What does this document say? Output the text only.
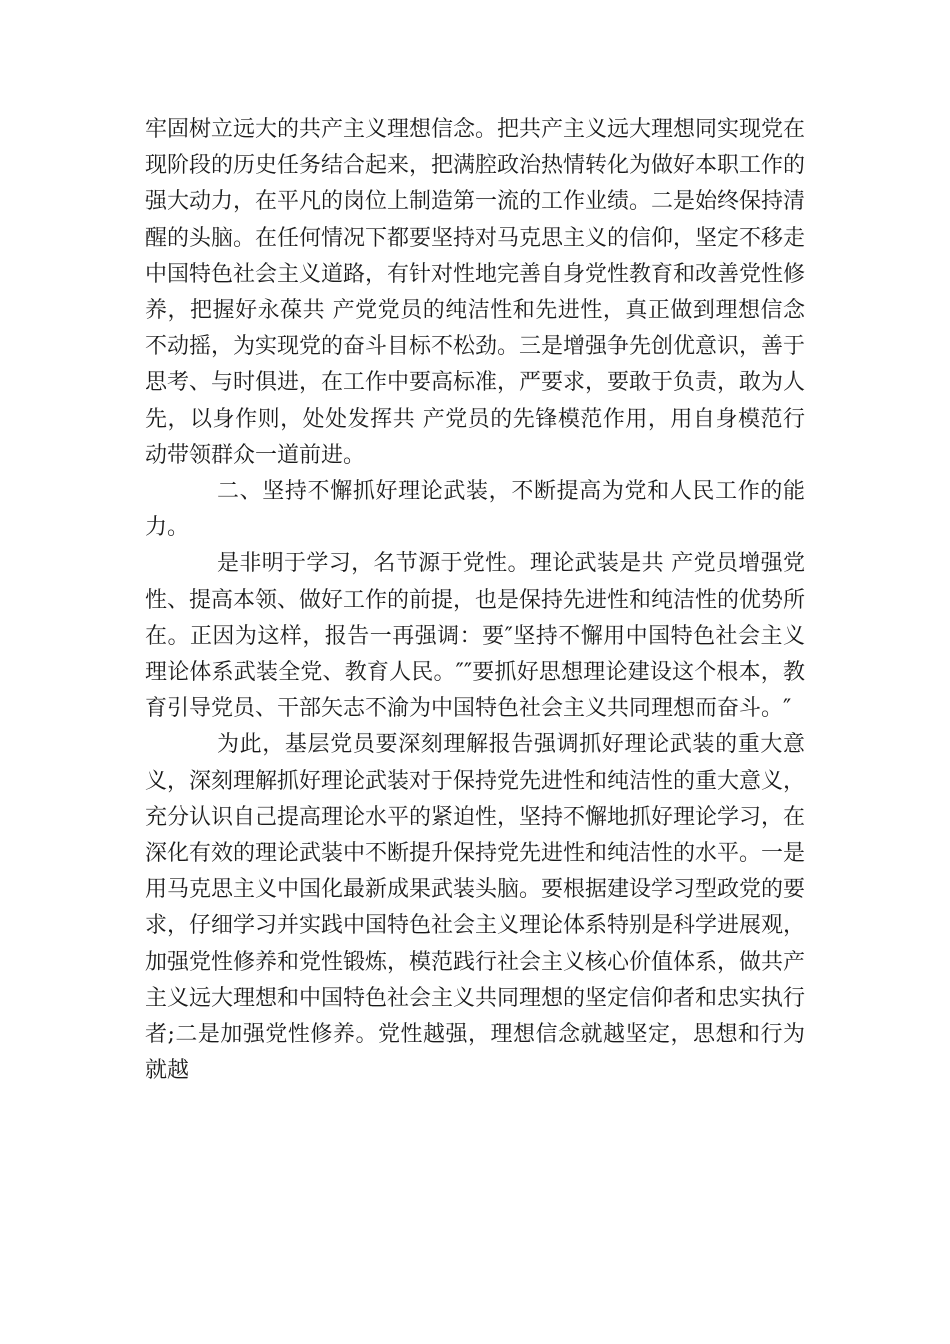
牢固树立远大的共产主义理想信念。把共产主义远大理想同实现党在现阶段的历史任务结合起来，把满腔政治热情转化为做好本职工作的强大动力，在平凡的岗位上制造第一流的工作业绩。二是始终保持清醒的头脑。在任何情况下都要坚持对马克思主义的信仰，坚定不移走中国特色社会主义道路，有针对性地完善自身党性教育和改善党性修养，把握好永葆共 产党党员的纯洁性和先进性，真正做到理想信念不动摇，为实现党的奋斗目标不松劲。三是增强争先创优意识，善于思考、与时俱进，在工作中要高标准，严要求，要敢于负责，敢为人先，以身作则，处处发挥共 产党员的先锋模范作用，用自身模范行动带领群众一道前进。

二、坚持不懈抓好理论武装，不断提高为党和人民工作的能力。

是非明于学习，名节源于党性。理论武装是共 产党员增强党性、提高本领、做好工作的前提，也是保持先进性和纯洁性的优势所在。正因为这样，报告一再强调：要″坚持不懈用中国特色社会主义理论体系武装全党、教育人民。″″要抓好思想理论建设这个根本，教育引导党员、干部矢志不渝为中国特色社会主义共同理想而奋斗。″

为此，基层党员要深刻理解报告强调抓好理论武装的重大意义，深刻理解抓好理论武装对于保持党先进性和纯洁性的重大意义，充分认识自己提高理论水平的紧迫性，坚持不懈地抓好理论学习，在深化有效的理论武装中不断提升保持党先进性和纯洁性的水平。一是用马克思主义中国化最新成果武装头脑。要根据建设学习型政党的要求，仔细学习并实践中国特色社会主义理论体系特别是科学进展观，加强党性修养和党性锻炼，模范践行社会主义核心价值体系，做共产主义远大理想和中国特色社会主义共同理想的坚定信仰者和忠实执行者;二是加强党性修养。党性越强，理想信念就越坚定，思想和行为就越
